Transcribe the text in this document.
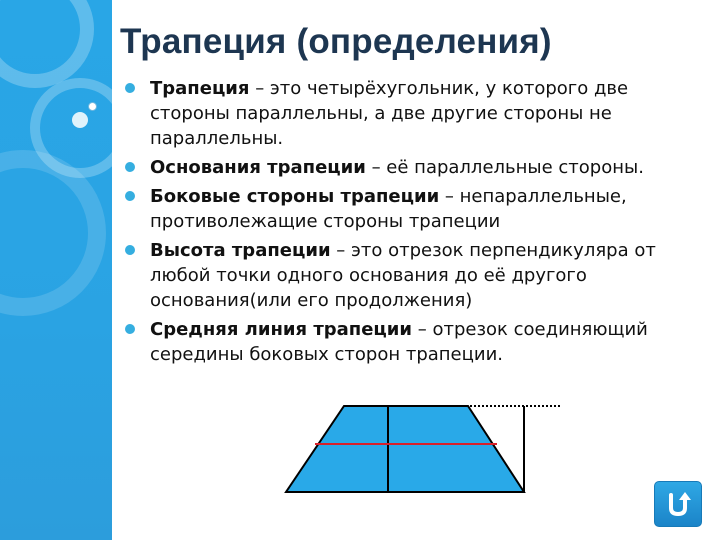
Трапеция (определения)
Трапеция – это четырёхугольник, у которого две стороны параллельны, а две другие стороны не параллельны.
Основания трапеции – её параллельные стороны.
Боковые стороны трапеции – непараллельные, противолежащие стороны трапеции
Высота трапеции – это отрезок перпендикуляра от любой точки одного основания до её другого основания(или его продолжения)
Средняя линия трапеции – отрезок соединяющий середины боковых сторон трапеции.
